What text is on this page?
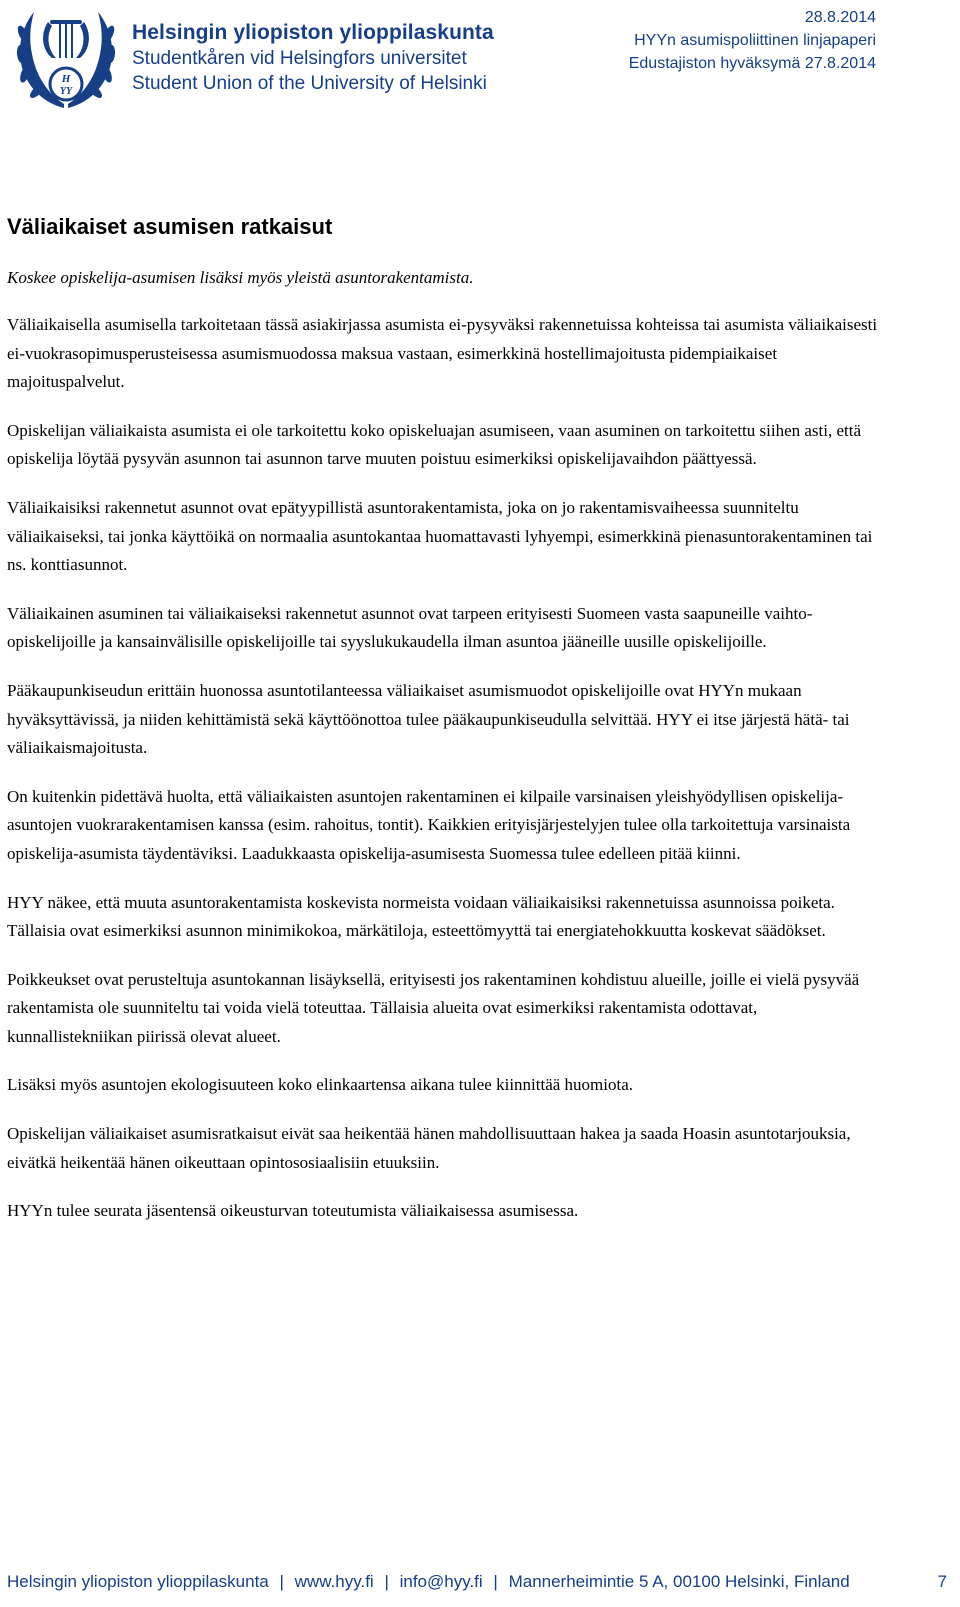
H
YY
Helsingin yliopiston ylioppilaskunta
Studentkåren vid Helsingfors universitet
Student Union of the University of Helsinki
28.8.2014
HYYn asumispoliittinen linjapaperi
Edustajiston hyväksymä 27.8.2014
Väliaikaiset asumisen ratkaisut
Koskee opiskelija-asumisen lisäksi myös yleistä asuntorakentamista.

Väliaikaisella asumisella tarkoitetaan tässä asiakirjassa asumista ei-pysyväksi rakennetuissa kohteissa tai asumista väliaikaisesti ei-vuokrasopimusperusteisessa asumismuodossa maksua vastaan, esimerkkinä hostellimajoitusta pidempiaikaiset majoituspalvelut.

Opiskelijan väliaikaista asumista ei ole tarkoitettu koko opiskeluajan asumiseen, vaan asuminen on tarkoitettu siihen asti, että opiskelija löytää pysyvän asunnon tai asunnon tarve muuten poistuu esimerkiksi opiskelijavaihdon päättyessä.

Väliaikaisiksi rakennetut asunnot ovat epätyypillistä asuntorakentamista, joka on jo rakentamisvaiheessa suunniteltu väliaikaiseksi, tai jonka käyttöikä on normaalia asuntokantaa huomattavasti lyhyempi, esimerkkinä pienasuntorakentaminen tai ns. konttiasunnot.

Väliaikainen asuminen tai väliaikaiseksi rakennetut asunnot ovat tarpeen erityisesti Suomeen vasta saapuneille vaihto-opiskelijoille ja kansainvälisille opiskelijoille tai syyslukukaudella ilman asuntoa jääneille uusille opiskelijoille.

Pääkaupunkiseudun erittäin huonossa asuntotilanteessa väliaikaiset asumismuodot opiskelijoille ovat HYYn mukaan hyväksyttävissä, ja niiden kehittämistä sekä käyttöönottoa tulee pääkaupunkiseudulla selvittää. HYY ei itse järjestä hätä- tai väliaikaismajoitusta.

On kuitenkin pidettävä huolta, että väliaikaisten asuntojen rakentaminen ei kilpaile varsinaisen yleishyödyllisen opiskelija-asuntojen vuokrarakentamisen kanssa (esim. rahoitus, tontit). Kaikkien erityisjärjestelyjen tulee olla tarkoitettuja varsinaista opiskelija-asumista täydentäviksi. Laadukkaasta opiskelija-asumisesta Suomessa tulee edelleen pitää kiinni.

HYY näkee, että muuta asuntorakentamista koskevista normeista voidaan väliaikaisiksi rakennetuissa asunnoissa poiketa. Tällaisia ovat esimerkiksi asunnon minimikokoa, märkätiloja, esteettömyyttä tai energiatehokkuutta koskevat säädökset.

Poikkeukset ovat perusteltuja asuntokannan lisäyksellä, erityisesti jos rakentaminen kohdistuu alueille, joille ei vielä pysyvää rakentamista ole suunniteltu tai voida vielä toteuttaa. Tällaisia alueita ovat esimerkiksi rakentamista odottavat, kunnallistekniikan piirissä olevat alueet.

Lisäksi myös asuntojen ekologisuuteen koko elinkaartensa aikana tulee kiinnittää huomiota.

Opiskelijan väliaikaiset asumisratkaisut eivät saa heikentää hänen mahdollisuuttaan hakea ja saada Hoasin asuntotarjouksia, eivätkä heikentää hänen oikeuttaan opintososiaalisiin etuuksiin.

HYYn tulee seurata jäsentensä oikeusturvan toteutumista väliaikaisessa asumisessa.

Helsingin yliopiston ylioppilaskunta | www.hyy.fi | info@hyy.fi | Mannerheimintie 5 A, 00100 Helsinki, Finland	7
